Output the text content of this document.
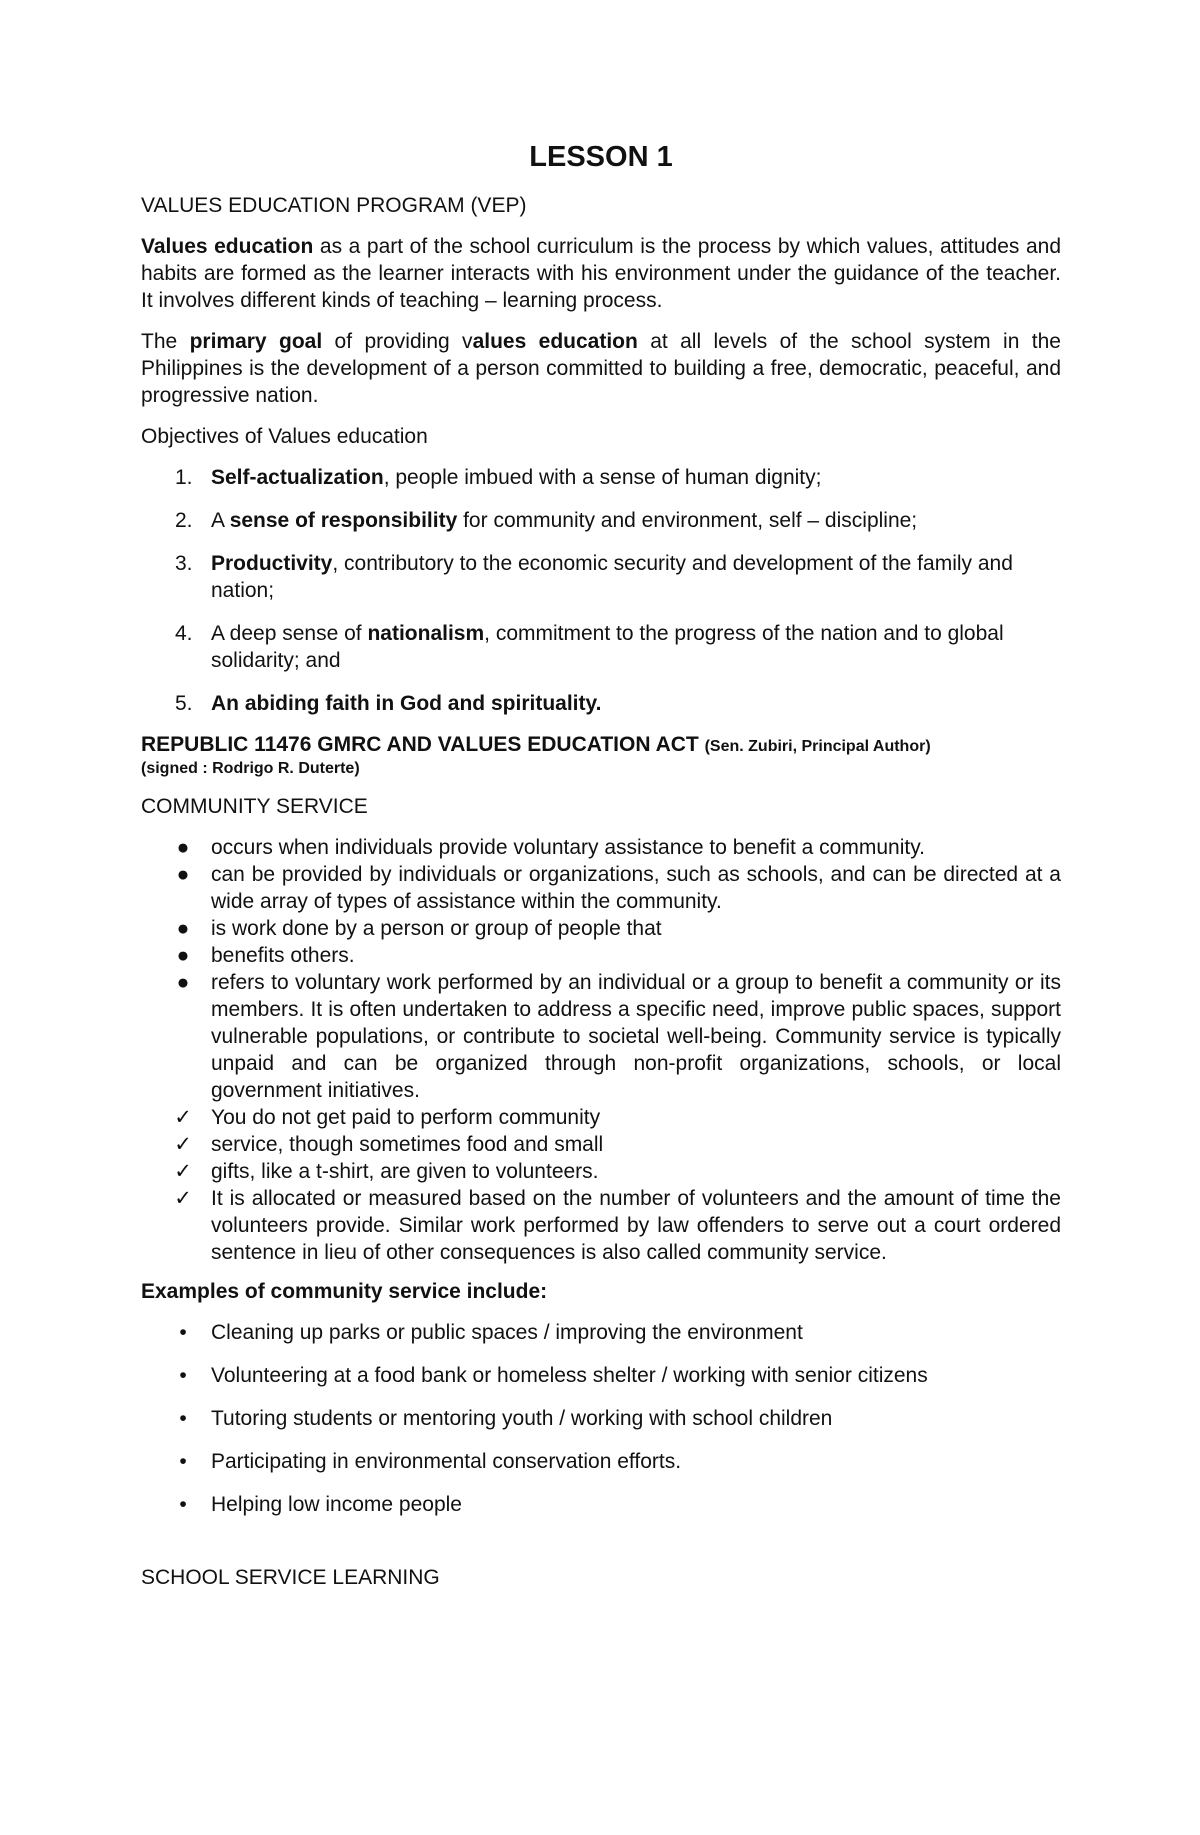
LESSON 1
VALUES EDUCATION PROGRAM (VEP)
Values education as a part of the school curriculum is the process by which values, attitudes and habits are formed as the learner interacts with his environment under the guidance of the teacher. It involves different kinds of teaching – learning process.
The primary goal of providing values education at all levels of the school system in the Philippines is the development of a person committed to building a free, democratic, peaceful, and progressive nation.
Objectives of Values education
1. Self-actualization, people imbued with a sense of human dignity;
2. A sense of responsibility for community and environment, self – discipline;
3. Productivity, contributory to the economic security and development of the family and nation;
4. A deep sense of nationalism, commitment to the progress of the nation and to global solidarity; and
5. An abiding faith in God and spirituality.
REPUBLIC 11476 GMRC AND VALUES EDUCATION ACT (Sen. Zubiri, Principal Author)
(signed : Rodrigo R. Duterte)
COMMUNITY SERVICE
● occurs when individuals provide voluntary assistance to benefit a community.
● can be provided by individuals or organizations, such as schools, and can be directed at a wide array of types of assistance within the community.
● is work done by a person or group of people that
● benefits others.
● refers to voluntary work performed by an individual or a group to benefit a community or its members. It is often undertaken to address a specific need, improve public spaces, support vulnerable populations, or contribute to societal well-being. Community service is typically unpaid and can be organized through non-profit organizations, schools, or local government initiatives.
✓ You do not get paid to perform community
✓ service, though sometimes food and small
✓ gifts, like a t-shirt, are given to volunteers.
✓ It is allocated or measured based on the number of volunteers and the amount of time the volunteers provide. Similar work performed by law offenders to serve out a court ordered sentence in lieu of other consequences is also called community service.
Examples of community service include:
•	Cleaning up parks or public spaces / improving the environment
•	Volunteering at a food bank or homeless shelter / working with senior citizens
•	Tutoring students or mentoring youth / working with school children
•	Participating in environmental conservation efforts.
•	Helping low income people
SCHOOL SERVICE LEARNING
